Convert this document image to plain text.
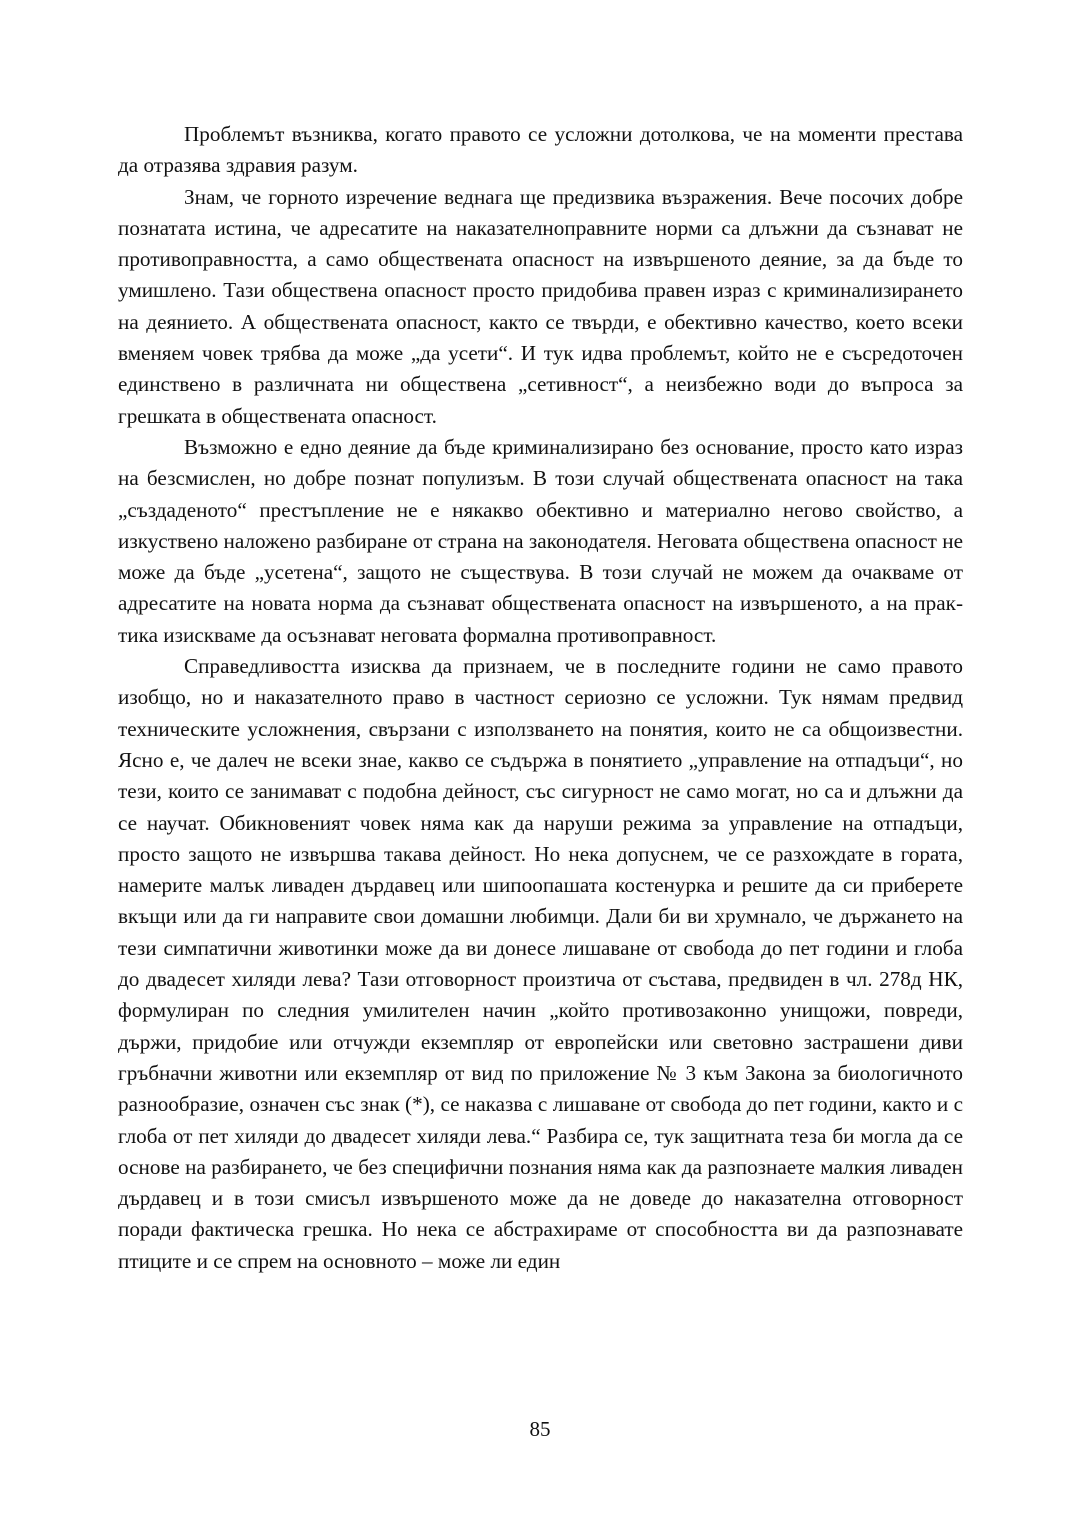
Проблемът възниква, когато правото се усложни дотолкова, че на моменти престава да отразява здравия разум.

Знам, че горното изречение веднага ще предизвика възражения. Вече посочих добре познатата истина, че адресатите на наказателноправните норми са длъжни да съзнават не противоправността, а само обществената опасност на извършеното деяние, за да бъде то умишлено. Тази обществена опасност просто придобива правен израз с криминализирането на деянието. А обществената опасност, както се твърди, е обективно качество, което всеки вменяем човек трябва да може „да усети“. И тук идва проблемът, който не е съсредоточен единствено в различната ни обществена „сетивност“, а неизбежно води до въпроса за грешката в обществената опасност.

Възможно е едно деяние да бъде криминализирано без основание, просто като израз на безсмислен, но добре познат популизъм. В този случай обществената опасност на така „създаденото“ престъпление не е някакво обективно и материално негово свойство, а изкуствено наложено разбиране от страна на законодателя. Неговата обществена опасност не може да бъде „усетена“, защото не съществува. В този случай не можем да очакваме от адресатите на новата норма да съзнават обществената опасност на извършеното, а на практика изискваме да осъзнават неговата формална противоправност.

Справедливостта изисква да признаем, че в последните години не само правото изобщо, но и наказателното право в частност сериозно се усложни. Тук нямам предвид техническите усложнения, свързани с използването на понятия, които не са общоизвестни. Ясно е, че далеч не всеки знае, какво се съдържа в понятието „управление на отпадъци“, но тези, които се занимават с подобна дейност, със сигурност не само могат, но са и длъжни да се научат. Обикновеният човек няма как да наруши режима за управление на отпадъци, просто защото не извършва такава дейност. Но нека допуснем, че се разхождате в гората, намерите малък ливаден дърдавец или шипоопашата костенурка и решите да си приберете вкъщи или да ги направите свои домашни любимци. Дали би ви хрумнало, че държането на тези симпатични животинки може да ви донесе лишаване от свобода до пет години и глоба до двадесет хиляди лева? Тази отговорност произтича от състава, предвиден в чл. 278д НК, формулиран по следния умилителен начин „който противозаконно унищожи, повреди, държи, придобие или отчужди екземпляр от европейски или световно застрашени диви гръбначни животни или екземпляр от вид по приложение № 3 към Закона за биологичното разнообразие, означен със знак (*), се наказва с лишаване от свобода до пет години, както и с глоба от пет хиляди до двадесет хиляди лева.“ Разбира се, тук защитната теза би могла да се основе на разбирането, че без специфични познания няма как да разпознаете малкия ливаден дърдавец и в този смисъл извършеното може да не доведе до наказателна отговорност поради фактическа грешка. Но нека се абстрахираме от способността ви да разпознавате птиците и се спрем на основното – може ли един

85
